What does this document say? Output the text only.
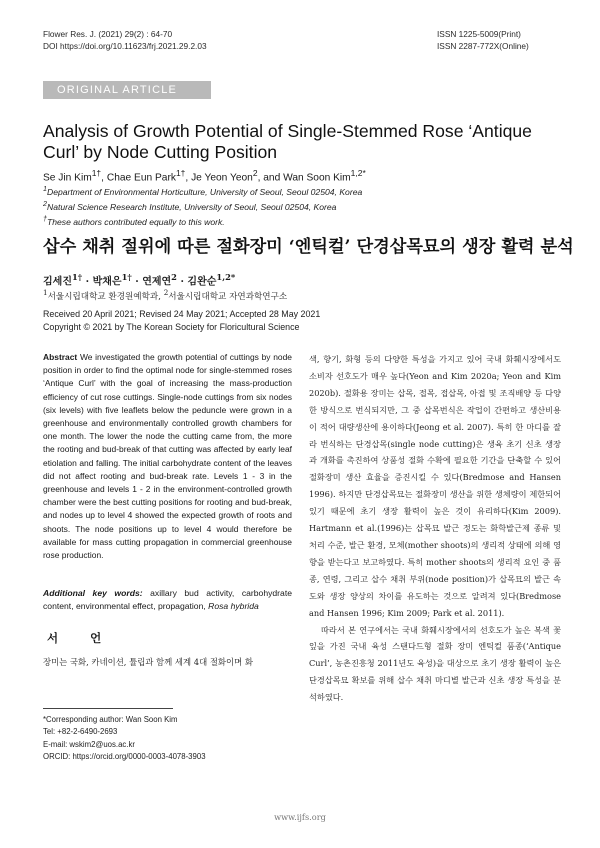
Flower Res. J. (2021) 29(2) : 64-70
DOI https://doi.org/10.11623/frj.2021.29.2.03
ISSN 1225-5009(Print)
ISSN 2287-772X(Online)
ORIGINAL ARTICLE
Analysis of Growth Potential of Single-Stemmed Rose ‘Antique
Curl’ by Node Cutting Position
Se Jin Kim$^{1\dagger}$, Chae Eun Park$^{1\dagger}$, Je Yeon Yeon$^2$, and Wan Soon Kim$^{1,2*}$
$^1$Department of Environmental Horticulture, University of Seoul, Seoul 02504, Korea
$^2$Natural Science Research Institute, University of Seoul, Seoul 02504, Korea
†These authors contributed equally to this work.
삽수 채취 절위에 따른 절화장미 ‘엔틱컬’ 단경삽목묘의 생장 활력 분석
김세진$^{1\dagger}$ · 박채은$^{1\dagger}$ · 연제연$^2$ · 김완순$^{1,2*}$
$^1$서울시립대학교 환경원예학과, $^2$서울시립대학교 자연과학연구소
Received 20 April 2021; Revised 24 May 2021; Accepted 28 May 2021
Copyright © 2021 by The Korean Society for Floricultural Science
Abstract We investigated the growth potential of cuttings by node position in order to find the optimal node for single-stemmed roses ‘Antique Curl’ with the goal of increasing the mass-production efficiency of cut rose cuttings. Single-node cuttings from six nodes (six levels) with five leaflets below the peduncle were grown in a greenhouse and environmentally controlled growth chambers for one month. The lower the node the cutting came from, the more the rooting and bud-break of that cutting was affected by early leaf etiolation and falling. The initial carbohydrate content of the leaves did not affect rooting and bud-break rate. Levels 1 - 3 in the greenhouse and levels 1 - 2 in the environment-controlled growth chamber were the best cutting positions for rooting and bud-break, and nodes up to level 4 showed the expected growth of roots and shoots. The node positions up to level 4 would therefore be available for mass cutting propagation in commercial greenhouse rose production.
Additional key words: axillary bud activity, carbohydrate content, environmental effect, propagation, Rosa hybrida
서 언
장미는 국화, 카네이션, 튤립과 함께 세계 4대 절화이며 화
*Corresponding author: Wan Soon Kim
Tel: +82-2-6490-2693
E-mail: wskim2@uos.ac.kr
ORCID: https://orcid.org/0000-0003-4078-3903

색, 향기, 화형 등의 다양한 특성을 가지고 있어 국내 화훼시장에서도 소비자 선호도가 매우 높다(Yeon and Kim 2020a; Yeon and Kim 2020b). 절화용 장미는 삽목, 접목, 접삽목, 아접 및 조직배양 등 다양한 방식으로 번식되지만, 그 중 삽목번식은 작업이 간편하고 생산비용이 적어 대량생산에 용이하다(Jeong et al. 2007). 특히 한 마디를 잘라 번식하는 단경삽목(single node cutting)은 생육 초기 신초 생장과 개화를 촉진하여 상품성 절화 수확에 필요한 기간을 단축할 수 있어 절화장미 생산 효율을 증진시킬 수 있다(Bredmose and Hansen 1996). 하지만 단경삽목묘는 절화장미 생산을 위한 생체량이 제한되어 있기 때문에 초기 생장 활력이 높은 것이 유리하다(Kim 2009). Hartmann et al.(1996)는 삽목묘 발근 정도는 화학발근제 종류 및 처리 수준, 발근 환경, 모체(mother shoots)의 생리적 상태에 의해 영향을 받는다고 보고하였다. 특히 mother shoots의 생리적 요인 중 품종, 연령, 그리고 삽수 채취 부위(node position)가 삽목묘의 발근 속도와 생장 양상의 차이를 유도하는 것으로 알려져 있다(Bredmose and Hansen 1996; Kim 2009; Park et al. 2011).

따라서 본 연구에서는 국내 화훼시장에서의 선호도가 높은 복색 꽃잎을 가진 국내 육성 스탠다드형 절화 장미 엔틱컬 품종(‘Antique Curl’, 농촌진흥청 2011년도 육성)을 대상으로 초기 생장 활력이 높은 단경삽목묘 확보를 위해 삽수 채취 마디별 발근과 신초 생장 특성을 분석하였다.

www.ijfs.org
